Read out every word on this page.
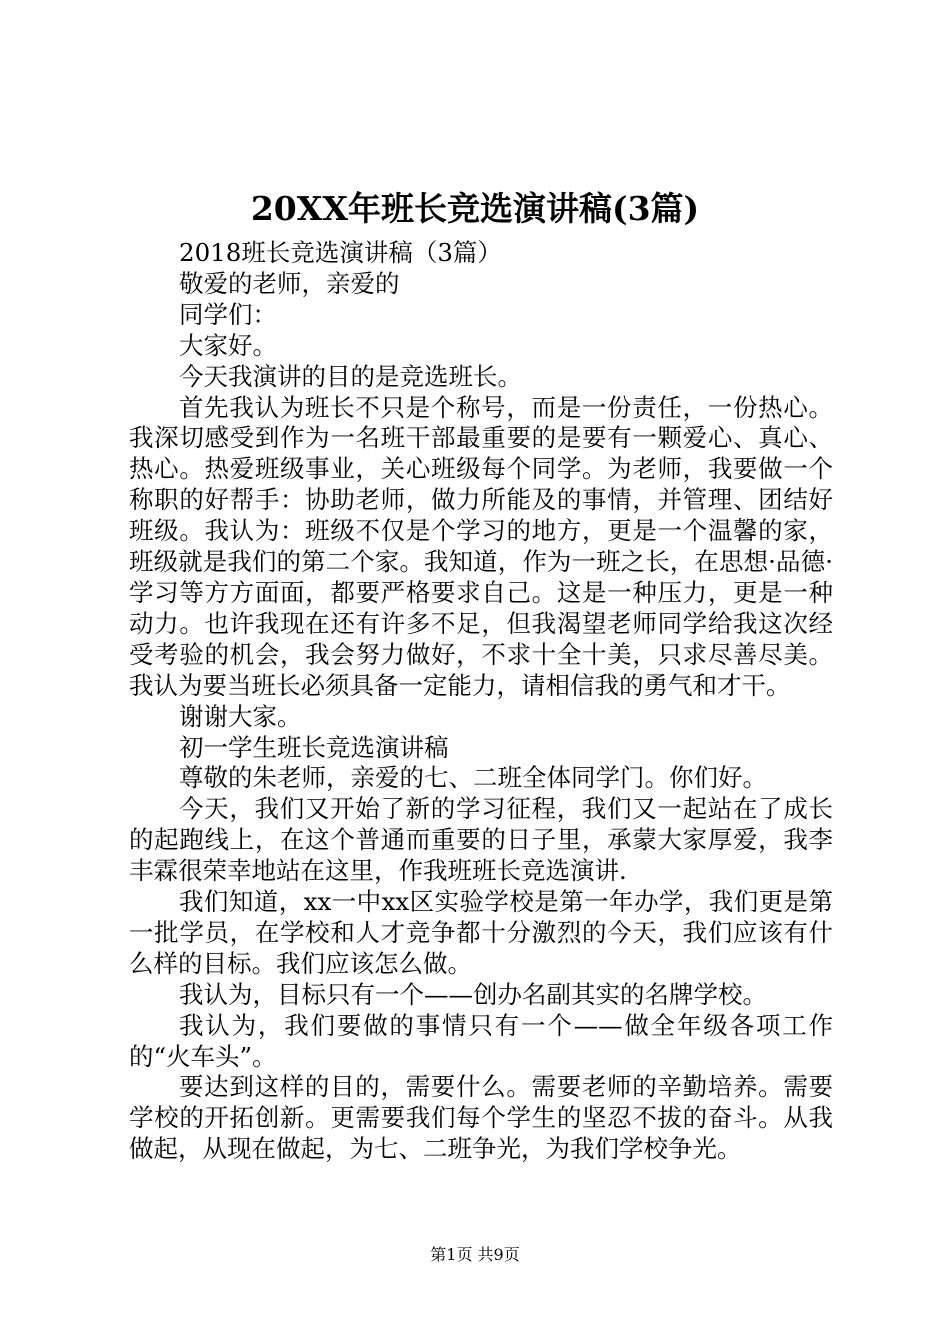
20XX年班长竞选演讲稿(3篇)

2018班长竞选演讲稿（3篇）

敬爱的老师，亲爱的

同学们：

大家好。

今天我演讲的目的是竞选班长。

首先我认为班长不只是个称号，而是一份责任，一份热心。我深切感受到作为一名班干部最重要的是要有一颗爱心、真心、热心。热爱班级事业，关心班级每个同学。为老师，我要做一个称职的好帮手：协助老师，做力所能及的事情，并管理、团结好班级。我认为：班级不仅是个学习的地方，更是一个温馨的家，班级就是我们的第二个家。我知道，作为一班之长，在思想·品德·学习等方方面面，都要严格要求自己。这是一种压力，更是一种动力。也许我现在还有许多不足，但我渴望老师同学给我这次经受考验的机会，我会努力做好，不求十全十美，只求尽善尽美。我认为要当班长必须具备一定能力，请相信我的勇气和才干。

谢谢大家。

初一学生班长竞选演讲稿

尊敬的朱老师，亲爱的七、二班全体同学门。你们好。

今天，我们又开始了新的学习征程，我们又一起站在了成长的起跑线上，在这个普通而重要的日子里，承蒙大家厚爱，我李丰霖很荣幸地站在这里，作我班班长竞选演讲.

我们知道，xx一中xx区实验学校是第一年办学，我们更是第一批学员，在学校和人才竞争都十分激烈的今天，我们应该有什么样的目标。我们应该怎么做。

我认为，目标只有一个——创办名副其实的名牌学校。

我认为，我们要做的事情只有一个——做全年级各项工作的“火车头”。

要达到这样的目的，需要什么。需要老师的辛勤培养。需要学校的开拓创新。更需要我们每个学生的坚忍不拔的奋斗。从我做起，从现在做起，为七、二班争光，为我们学校争光。

第1页 共9页
